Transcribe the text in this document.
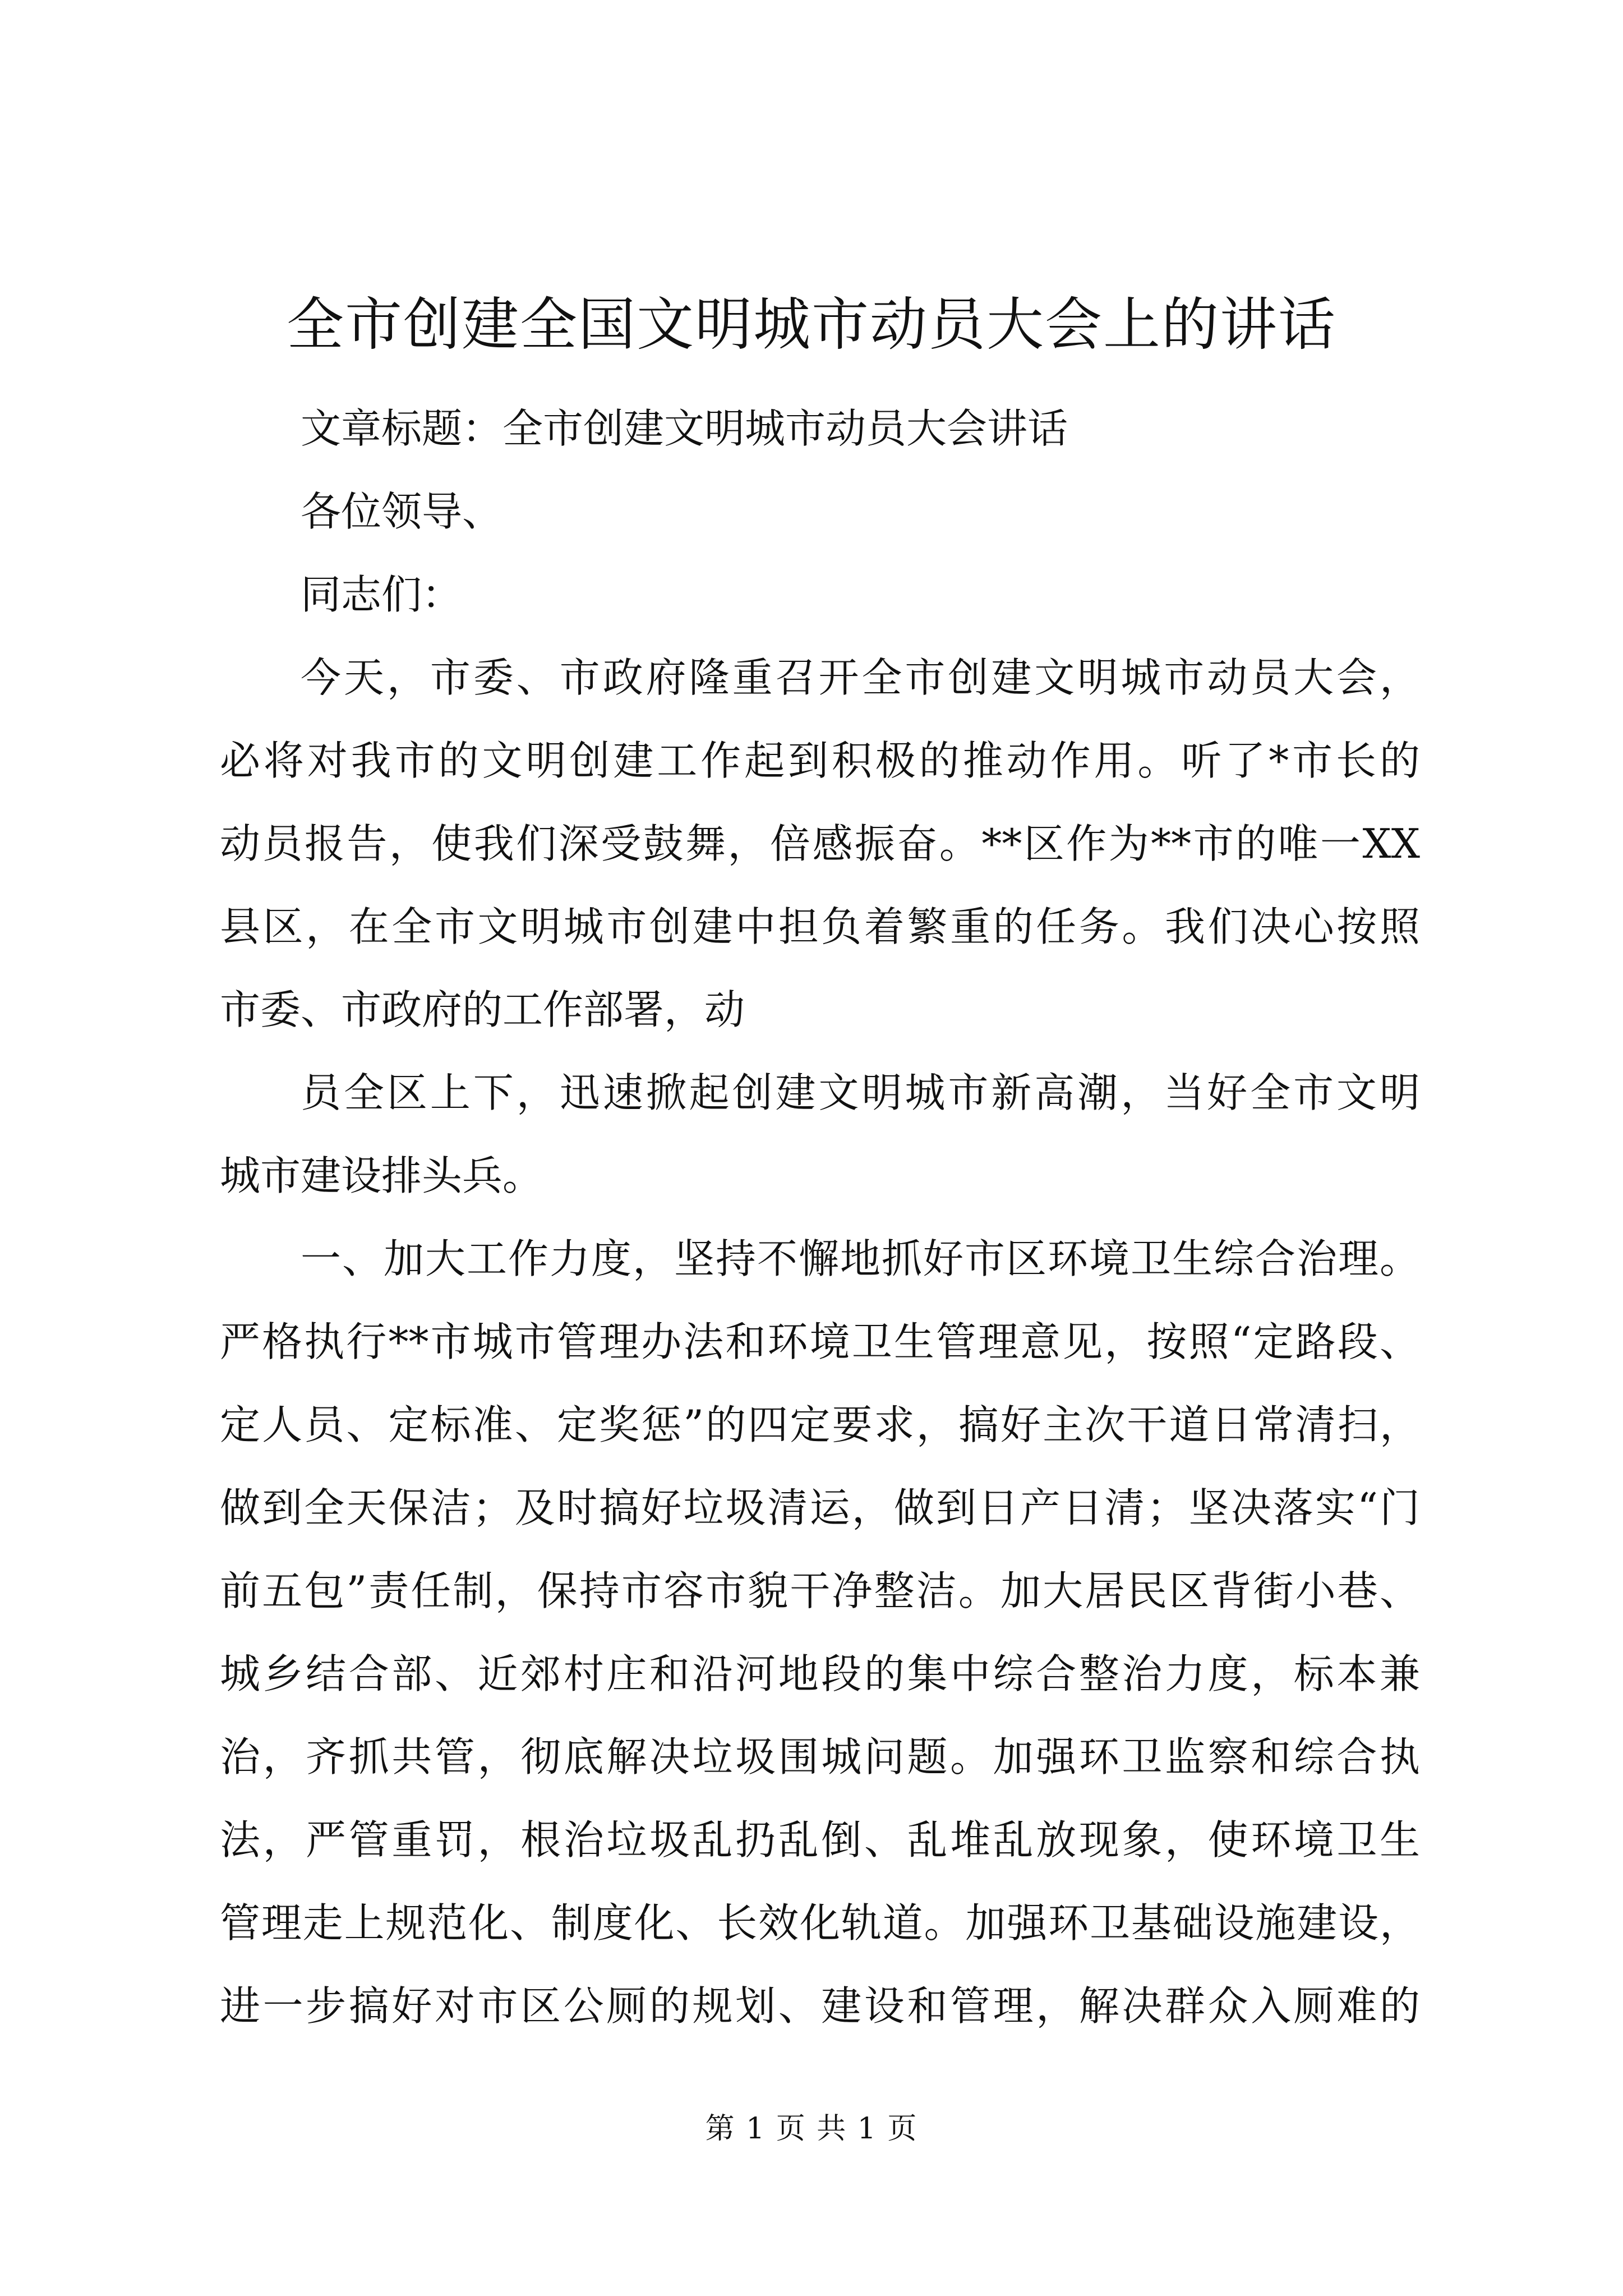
全市创建全国文明城市动员大会上的讲话
文章标题：全市创建文明城市动员大会讲话
各位领导、
同志们：
今天，市委、市政府隆重召开全市创建文明城市动员大会，
必将对我市的文明创建工作起到积极的推动作用。听了*市长的
动员报告，使我们深受鼓舞，倍感振奋。**区作为**市的唯一XX
县区，在全市文明城市创建中担负着繁重的任务。我们决心按照
市委、市政府的工作部署，动
员全区上下，迅速掀起创建文明城市新高潮，当好全市文明
城市建设排头兵。
一、加大工作力度，坚持不懈地抓好市区环境卫生综合治理。
严格执行**市城市管理办法和环境卫生管理意见，按照“定路段、
定人员、定标准、定奖惩”的四定要求，搞好主次干道日常清扫，
做到全天保洁；及时搞好垃圾清运，做到日产日清；坚决落实“门
前五包”责任制，保持市容市貌干净整洁。加大居民区背街小巷、
城乡结合部、近郊村庄和沿河地段的集中综合整治力度，标本兼
治，齐抓共管，彻底解决垃圾围城问题。加强环卫监察和综合执
法，严管重罚，根治垃圾乱扔乱倒、乱堆乱放现象，使环境卫生
管理走上规范化、制度化、长效化轨道。加强环卫基础设施建设，
进一步搞好对市区公厕的规划、建设和管理，解决群众入厕难的
第 1 页 共 1 页
